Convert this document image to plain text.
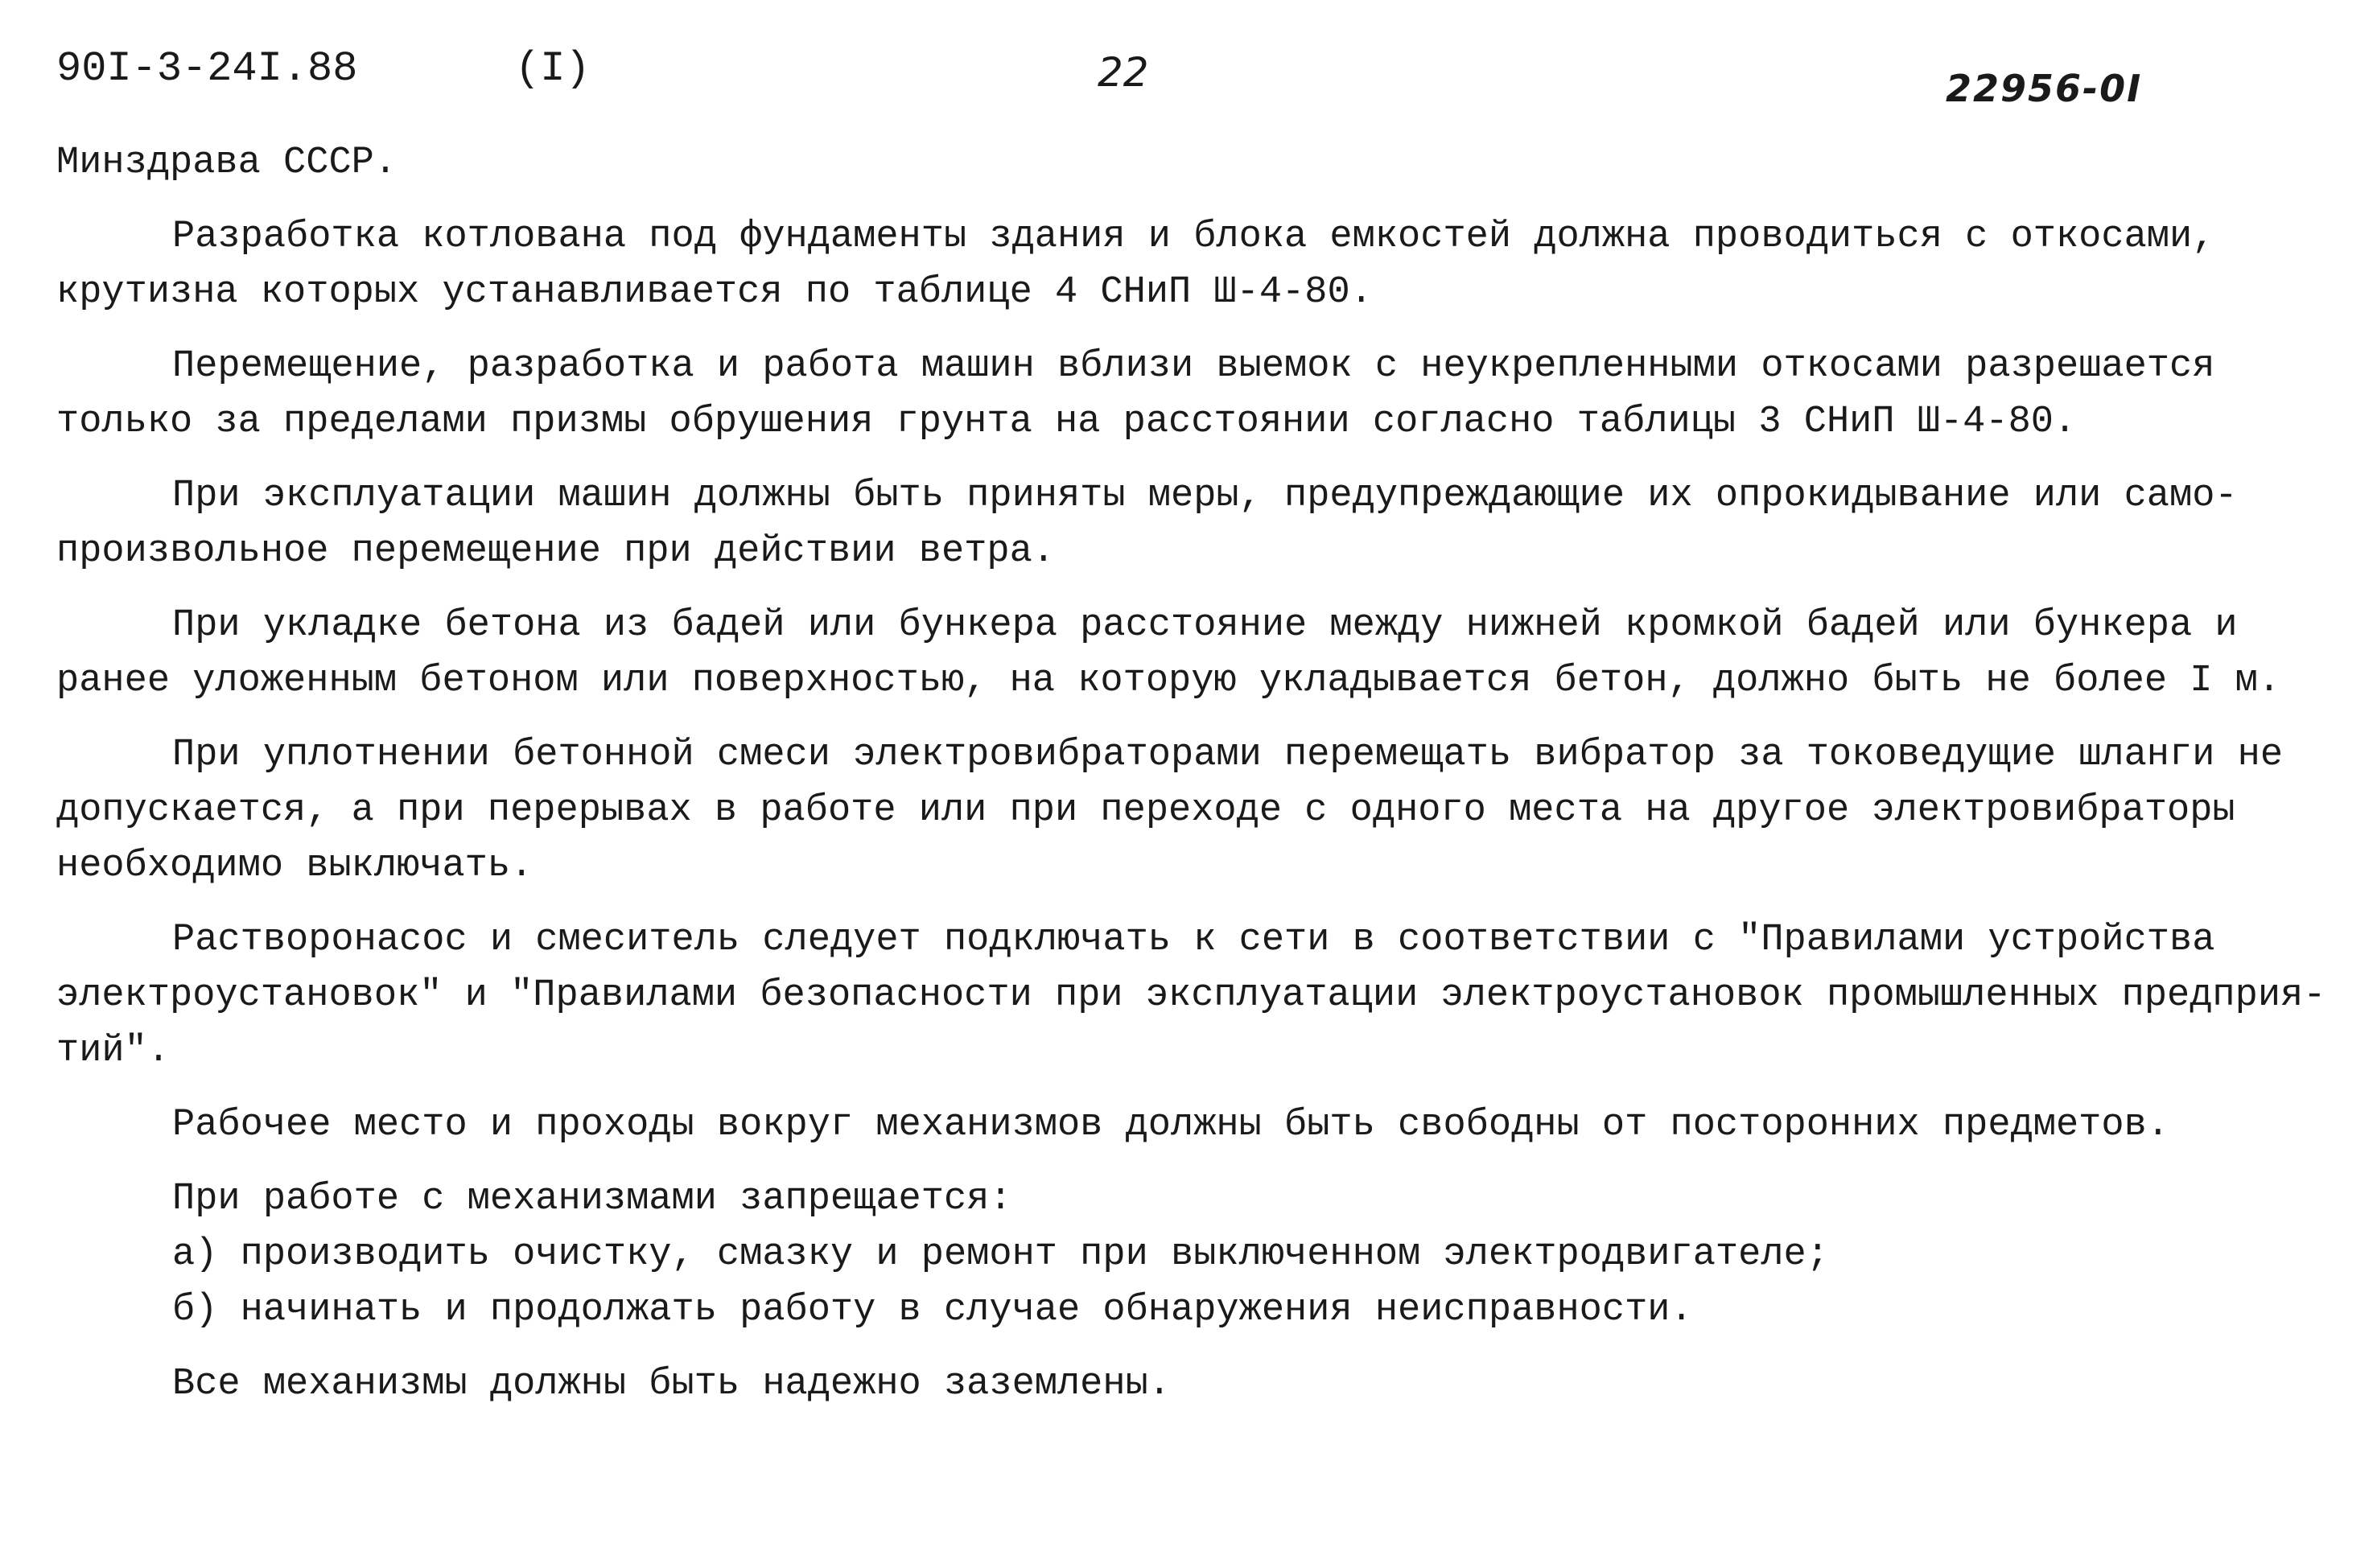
90I-3-24I.88	(I)	22	22956-0I

Минздрава СССР.

Разработка котлована под фундаменты здания и блока емкостей должна проводиться с откосами,

крутизна которых устанавливается по таблице 4 СНиП Ш-4-80.

Перемещение, разработка и работа машин вблизи выемок с неукрепленными откосами разрешается

только за пределами призмы обрушения грунта на расстоянии согласно таблицы 3 СНиП Ш-4-80.

При эксплуатации машин должны быть приняты меры, предупреждающие их опрокидывание или само-

произвольное перемещение при действии ветра.

При укладке бетона из бадей или бункера расстояние между нижней кромкой бадей или бункера и

ранее уложенным бетоном или поверхностью, на которую укладывается бетон, должно быть не более I м.

При уплотнении бетонной смеси электровибраторами перемещать вибратор за токоведущие шланги не

допускается, а при перерывах в работе или при переходе с одного места на другое электровибраторы

необходимо выключать.

Растворонасос и смеситель следует подключать к сети в соответствии с "Правилами устройства

электроустановок" и "Правилами безопасности при эксплуатации электроустановок промышленных предприя-

тий".

Рабочее место и проходы вокруг механизмов должны быть свободны от посторонних предметов.

При работе с механизмами запрещается:

а) производить очистку, смазку и ремонт при выключенном электродвигателе;

б) начинать и продолжать работу в случае обнаружения неисправности.

Все механизмы должны быть надежно заземлены.
